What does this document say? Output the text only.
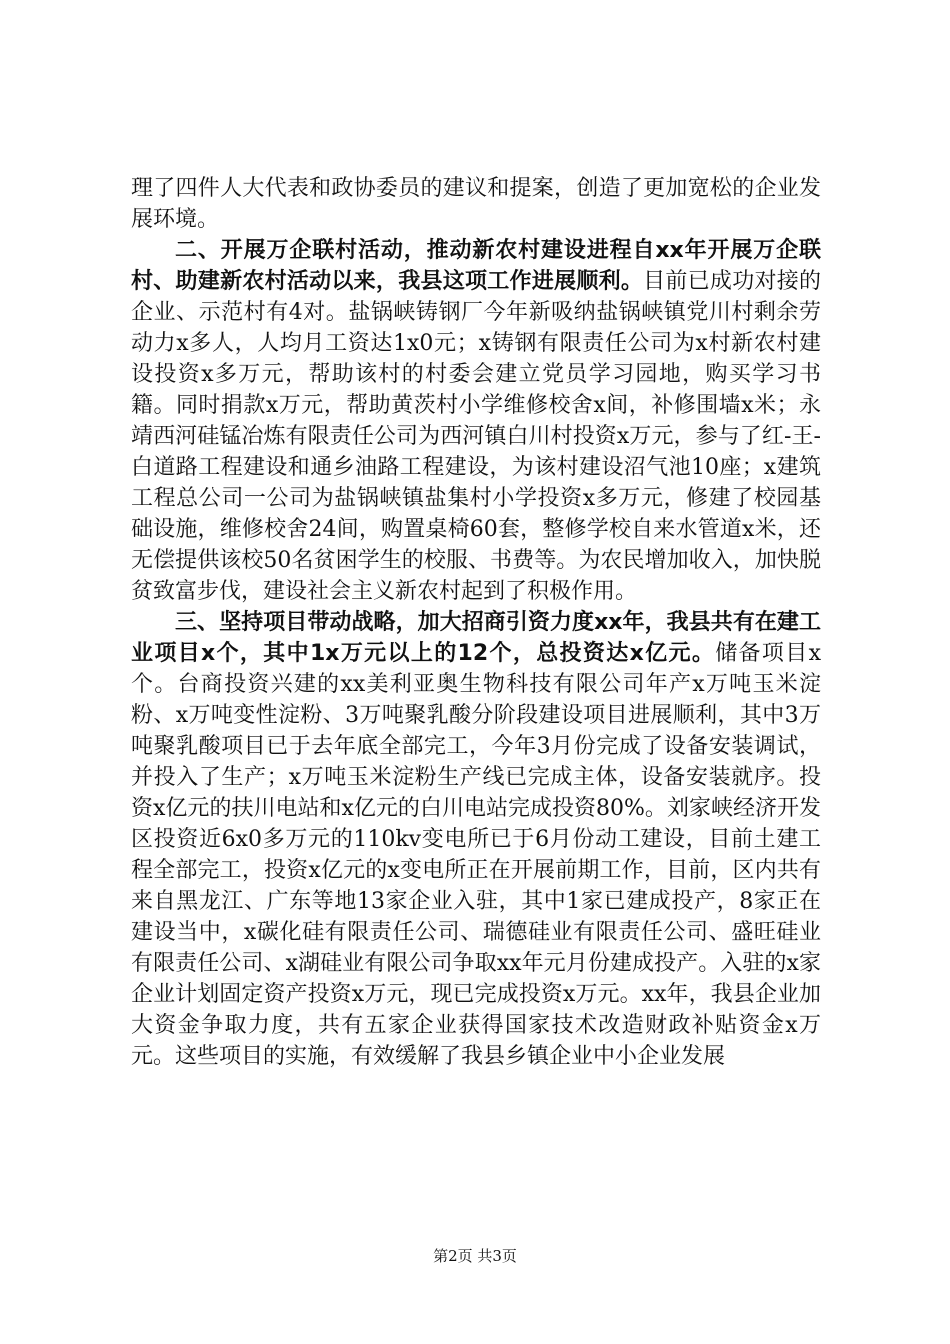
理了四件人大代表和政协委员的建议和提案，创造了更加宽松的企业发展环境。

二、开展万企联村活动，推动新农村建设进程自xx年开展万企联村、助建新农村活动以来，我县这项工作进展顺利。目前已成功对接的企业、示范村有4对。盐锅峡铸钢厂今年新吸纳盐锅峡镇党川村剩余劳动力x多人，人均月工资达1x0元；x铸钢有限责任公司为x村新农村建设投资x多万元，帮助该村的村委会建立党员学习园地，购买学习书籍。同时捐款x万元，帮助黄茨村小学维修校舍x间，补修围墙x米；永靖西河硅锰冶炼有限责任公司为西河镇白川村投资x万元，参与了红-王-白道路工程建设和通乡油路工程建设，为该村建设沼气池10座；x建筑工程总公司一公司为盐锅峡镇盐集村小学投资x多万元，修建了校园基础设施，维修校舍24间，购置桌椅60套，整修学校自来水管道x米，还无偿提供该校50名贫困学生的校服、书费等。为农民增加收入，加快脱贫致富步伐，建设社会主义新农村起到了积极作用。

三、坚持项目带动战略，加大招商引资力度xx年，我县共有在建工业项目x个，其中1x万元以上的12个，总投资达x亿元。储备项目x个。台商投资兴建的xx美利亚奥生物科技有限公司年产x万吨玉米淀粉、x万吨变性淀粉、3万吨聚乳酸分阶段建设项目进展顺利，其中3万吨聚乳酸项目已于去年底全部完工，今年3月份完成了设备安装调试，并投入了生产；x万吨玉米淀粉生产线已完成主体，设备安装就序。投资x亿元的扶川电站和x亿元的白川电站完成投资80%。刘家峡经济开发区投资近6x0多万元的110kv变电所已于6月份动工建设，目前土建工程全部完工，投资x亿元的x变电所正在开展前期工作，目前，区内共有来自黑龙江、广东等地13家企业入驻，其中1家已建成投产，8家正在建设当中，x碳化硅有限责任公司、瑞德硅业有限责任公司、盛旺硅业有限责任公司、x湖硅业有限公司争取xx年元月份建成投产。入驻的x家企业计划固定资产投资x万元，现已完成投资x万元。xx年，我县企业加大资金争取力度，共有五家企业获得国家技术改造财政补贴资金x万元。这些项目的实施，有效缓解了我县乡镇企业中小企业发展

第2页 共3页
